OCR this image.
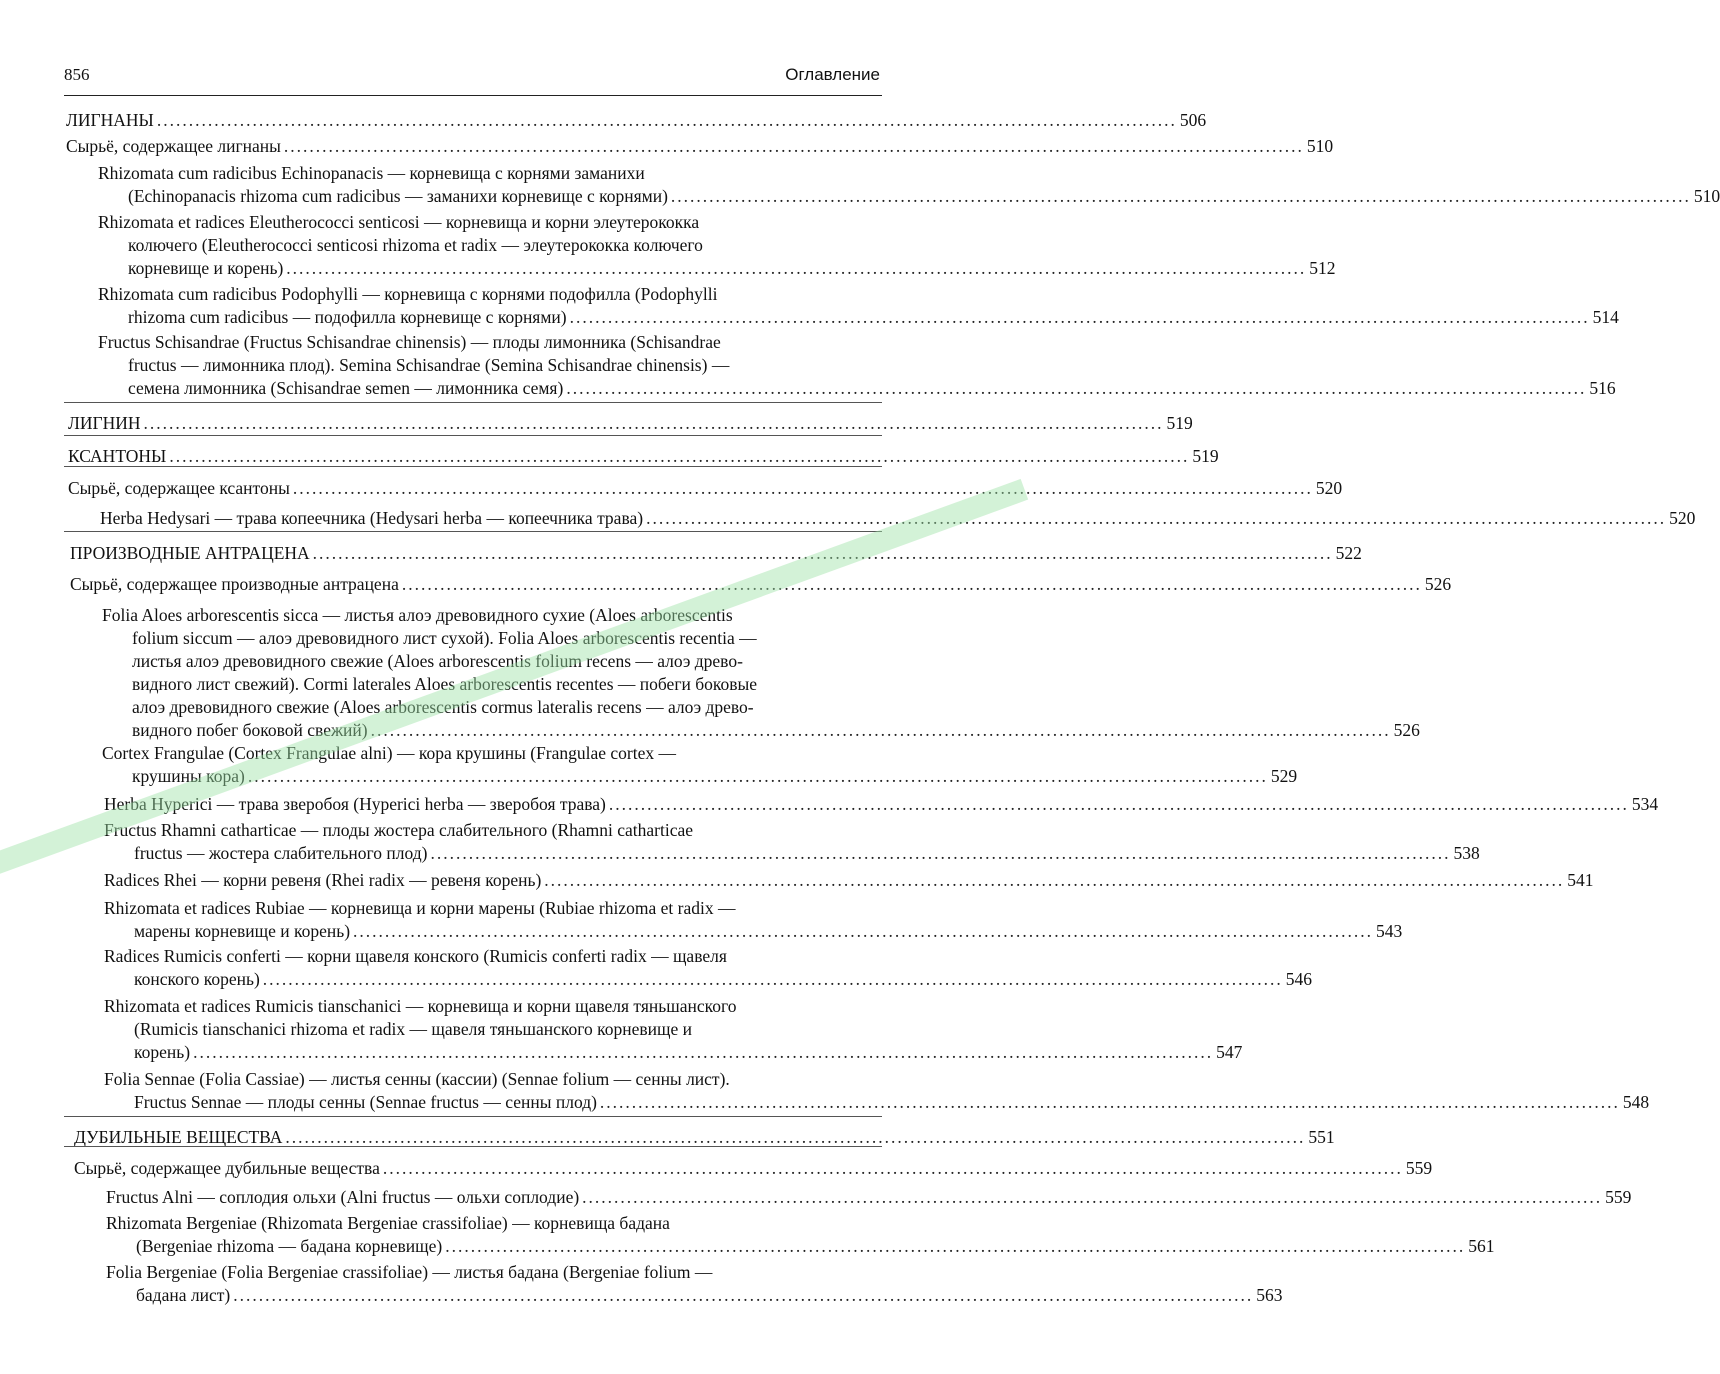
856	Оглавление
ЛИГНАНЫ ................................................................................................................................................................ 506
Сырьё, содержащее лигнаны ................................................................................................................................................................ 510
Rhizomata cum radicibus Echinopanacis — корневища с корнями заманихи
(Echinopanacis rhizoma cum radicibus — заманихи корневище с корнями) ................................................................................................................................................................ 510
Rhizomata et radices Eleutherococci senticosi — корневища и корни элеутерококка
колючего (Eleutherococci senticosi rhizoma et radix — элеутерококка колючего
корневище и корень) ................................................................................................................................................................ 512
Rhizomata cum radicibus Podophylli — корневища с корнями подофилла (Podophylli
rhizoma cum radicibus — подофилла корневище с корнями) ................................................................................................................................................................ 514
Fructus Schisandrae (Fructus Schisandrae chinensis) — плоды лимонника (Schisandrae
fructus — лимонника плод). Semina Schisandrae (Semina Schisandrae chinensis) —
семена лимонника (Schisandrae semen — лимонника семя) ................................................................................................................................................................ 516
ЛИГНИН ................................................................................................................................................................ 519
КСАНТОНЫ ................................................................................................................................................................ 519
Сырьё, содержащее ксантоны ................................................................................................................................................................ 520
Herba Hedysari — трава копеечника (Hedysari herba — копеечника трава) ................................................................................................................................................................ 520
ПРОИЗВОДНЫЕ АНТРАЦЕНА ................................................................................................................................................................ 522
Сырьё, содержащее производные антрацена ................................................................................................................................................................ 526
Folia Aloes arborescentis sicca — листья алоэ древовидного сухие (Aloes arborescentis
folium siccum — алоэ древовидного лист сухой). Folia Aloes arborescentis recentia —
листья алоэ древовидного свежие (Aloes arborescentis folium recens — алоэ древо-
видного лист свежий). Cormi laterales Aloes arborescentis recentes — побеги боковые
алоэ древовидного свежие (Aloes arborescentis cormus lateralis recens — алоэ древо-
видного побег боковой свежий) ................................................................................................................................................................ 526
Cortex Frangulae (Cortex Frangulae alni) — кора крушины (Frangulae cortex —
крушины кора) ................................................................................................................................................................ 529
Herba Hyperici — трава зверобоя (Hyperici herba — зверобоя трава) ................................................................................................................................................................ 534
Fructus Rhamni catharticae — плоды жостера слабительного (Rhamni catharticae
fructus — жостера слабительного плод) ................................................................................................................................................................ 538
Radices Rhei — корни ревеня (Rhei radix — ревеня корень) ................................................................................................................................................................ 541
Rhizomata et radices Rubiae — корневища и корни марены (Rubiae rhizoma et radix —
марены корневище и корень) ................................................................................................................................................................ 543
Radices Rumicis conferti — корни щавеля конского (Rumicis conferti radix — щавеля
конского корень) ................................................................................................................................................................ 546
Rhizomata et radices Rumicis tianschanici — корневища и корни щавеля тяньшанского
(Rumicis tianschanici rhizoma et radix — щавеля тяньшанского корневище и
корень) ................................................................................................................................................................ 547
Folia Sennae (Folia Cassiae) — листья сенны (кассии) (Sennae folium — сенны лист).
Fructus Sennae — плоды сенны (Sennae fructus — сенны плод) ................................................................................................................................................................ 548
ДУБИЛЬНЫЕ ВЕЩЕСТВА ................................................................................................................................................................ 551
Сырьё, содержащее дубильные вещества ................................................................................................................................................................ 559
Fructus Alni — соплодия ольхи (Alni fructus — ольхи соплодие) ................................................................................................................................................................ 559
Rhizomata Bergeniae (Rhizomata Bergeniae crassifoliae) — корневища бадана
(Bergeniae rhizoma — бадана корневище) ................................................................................................................................................................ 561
Folia Bergeniae (Folia Bergeniae crassifoliae) — листья бадана (Bergeniae folium —
бадана лист) ................................................................................................................................................................ 563
